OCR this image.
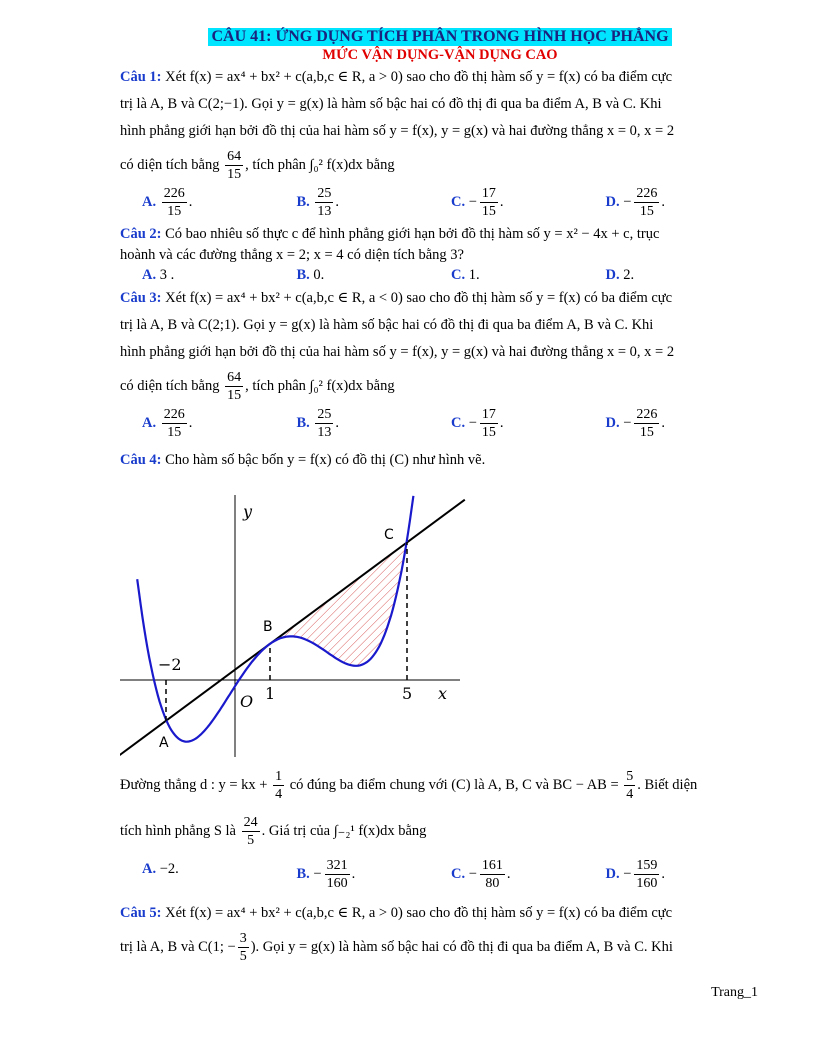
CÂU 41: ỨNG DỤNG TÍCH PHÂN TRONG HÌNH HỌC PHẲNG
MỨC VẬN DỤNG-VẬN DỤNG CAO
Câu 1: Xét f(x) = ax⁴ + bx² + c(a,b,c ∈ R, a > 0) sao cho đồ thị hàm số y = f(x) có ba điểm cực
trị là A, B và C(2;−1). Gọi y = g(x) là hàm số bậc hai có đồ thị đi qua ba điểm A, B và C. Khi
hình phẳng giới hạn bởi đồ thị của hai hàm số y = f(x), y = g(x) và hai đường thẳng x = 0, x = 2
có diện tích bằng $\frac{64}{15}$ , tích phân ∫₀² f(x)dx bằng
A. $\frac{226}{15}$ .	B. $\frac{25}{13}$ .	C. − $\frac{17}{15}$ .	D. − $\frac{226}{15}$ .
Câu 2: Có bao nhiêu số thực c để hình phẳng giới hạn bởi đồ thị hàm số y = x² − 4x + c, trục
hoành và các đường thẳng x = 2; x = 4 có diện tích bằng 3?
A. 3 .	B. 0.	C. 1.	D. 2.
Câu 3: Xét f(x) = ax⁴ + bx² + c(a,b,c ∈ R, a < 0) sao cho đồ thị hàm số y = f(x) có ba điểm cực
trị là A, B và C(2;1). Gọi y = g(x) là hàm số bậc hai có đồ thị đi qua ba điểm A, B và C. Khi
hình phẳng giới hạn bởi đồ thị của hai hàm số y = f(x), y = g(x) và hai đường thẳng x = 0, x = 2
có diện tích bằng $\frac{64}{15}$ , tích phân ∫₀² f(x)dx bằng
A. $\frac{226}{15}$ .	B. $\frac{25}{13}$ .	C. − $\frac{17}{15}$ .	D. − $\frac{226}{15}$ .
Câu 4: Cho hàm số bậc bốn y = f(x) có đồ thị (C) như hình vẽ.
y
x
O
−2
1	5
A
B
C
Đường thẳng d : y = kx + $\frac{1}{4}$ có đúng ba điểm chung với (C) là A, B, C và BC − AB = $\frac{5}{4}$ . Biết diện
tích hình phẳng S là $\frac{24}{5}$ . Giá trị của ∫₋₂¹ f(x)dx bằng
A. −2.	B. − $\frac{321}{160}$ .	C. − $\frac{161}{80}$ .	D. − $\frac{159}{160}$ .
Câu 5: Xét f(x) = ax⁴ + bx² + c(a,b,c ∈ R, a > 0) sao cho đồ thị hàm số y = f(x) có ba điểm cực
trị là A, B và C(1; − $\frac{3}{5}$ ). Gọi y = g(x) là hàm số bậc hai có đồ thị đi qua ba điểm A, B và C. Khi
Trang_1
